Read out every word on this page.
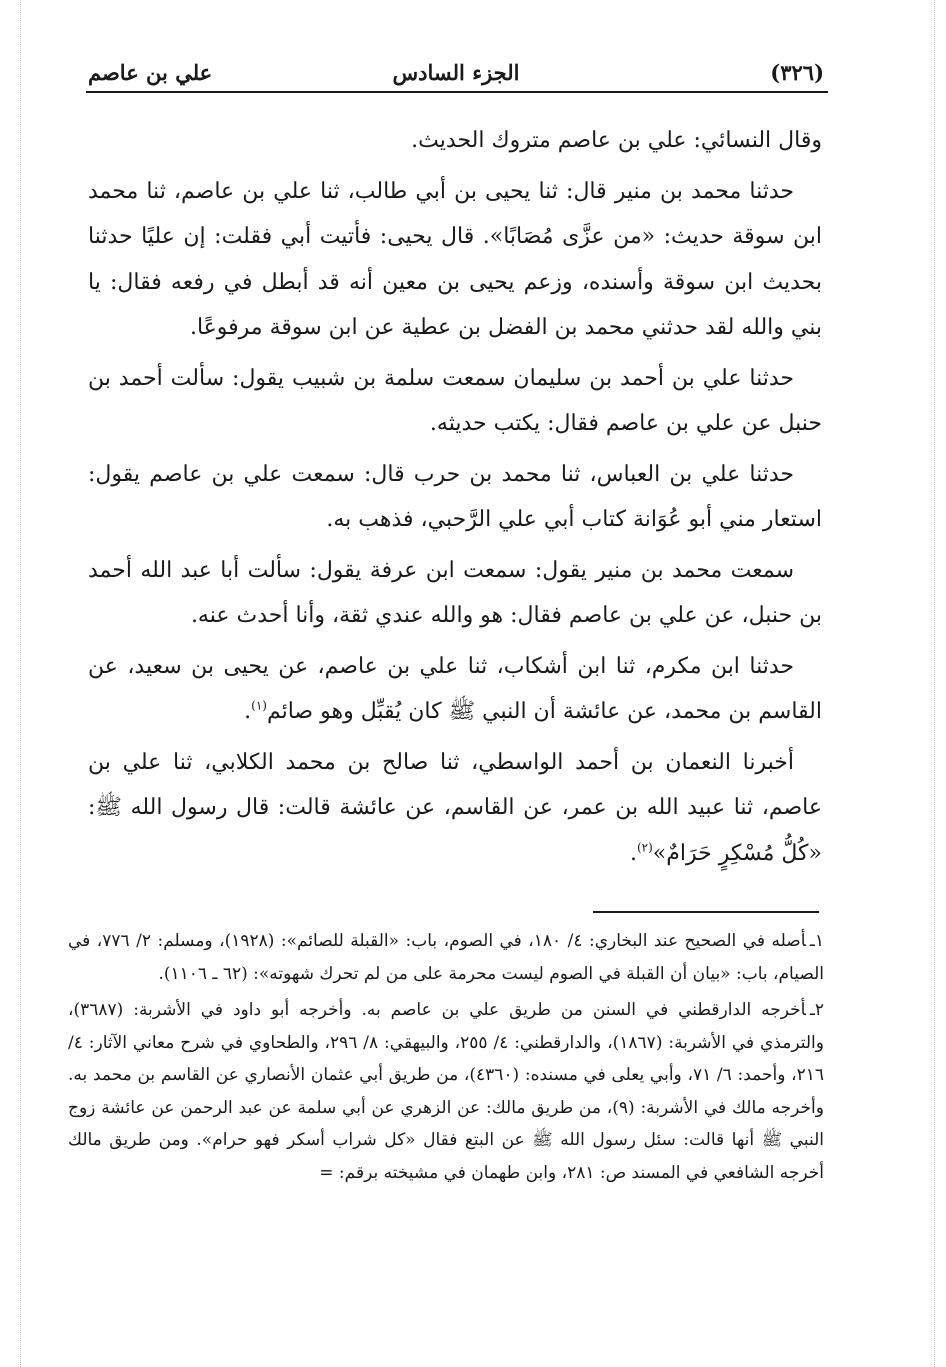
(٣٢٦)
الجزء السادس
علي بن عاصم

وقال النسائي: علي بن عاصم متروك الحديث.

حدثنا محمد بن منير قال: ثنا يحيى بن أبي طالب، ثنا علي بن عاصم، ثنا محمد ابن سوقة حديث: «من عزَّى مُصَابًا». قال يحيى: فأتيت أبي فقلت: إن عليًا حدثنا بحديث ابن سوقة وأسنده، وزعم يحيى بن معين أنه قد أبطل في رفعه فقال: يا بني والله لقد حدثني محمد بن الفضل بن عطية عن ابن سوقة مرفوعًا.

حدثنا علي بن أحمد بن سليمان سمعت سلمة بن شبيب يقول: سألت أحمد بن حنبل عن علي بن عاصم فقال: يكتب حديثه.

حدثنا علي بن العباس، ثنا محمد بن حرب قال: سمعت علي بن عاصم يقول: استعار مني أبو عُوَانة كتاب أبي علي الرَّحبي، فذهب به.

سمعت محمد بن منير يقول: سمعت ابن عرفة يقول: سألت أبا عبد الله أحمد بن حنبل، عن علي بن عاصم فقال: هو والله عندي ثقة، وأنا أحدث عنه.

حدثنا ابن مكرم، ثنا ابن أشكاب، ثنا علي بن عاصم، عن يحيى بن سعيد، عن القاسم بن محمد، عن عائشة أن النبي ﷺ كان يُقبِّل وهو صائم$^{(١)}$.

أخبرنا النعمان بن أحمد الواسطي، ثنا صالح بن محمد الكلابي، ثنا علي بن عاصم، ثنا عبيد الله بن عمر، عن القاسم، عن عائشة قالت: قال رسول الله ﷺ: «كُلُّ مُسْكِرٍ حَرَامٌ»$^{(٢)}$.

١ـأصله في الصحيح عند البخاري: ٤/ ١٨٠، في الصوم، باب: «القبلة للصائم»: (١٩٢٨)، ومسلم: ٢/ ٧٧٦، في الصيام، باب: «بيان أن القبلة في الصوم ليست محرمة على من لم تحرك شهوته»: (٦٢ ـ ١١٠٦).

٢ـأخرجه الدارقطني في السنن من طريق علي بن عاصم به. وأخرجه أبو داود في الأشربة: (٣٦٨٧)، والترمذي في الأشربة: (١٨٦٧)، والدارقطني: ٤/ ٢٥٥، والبيهقي: ٨/ ٢٩٦، والطحاوي في شرح معاني الآثار: ٤/ ٢١٦، وأحمد: ٦/ ٧١، وأبي يعلى في مسنده: (٤٣٦٠)، من طريق أبي عثمان الأنصاري عن القاسم بن محمد به. وأخرجه مالك في الأشربة: (٩)، من طريق مالك: عن الزهري عن أبي سلمة عن عبد الرحمن عن عائشة زوج النبي ﷺ أنها قالت: سئل رسول الله ﷺ عن البتع فقال «كل شراب أسكر فهو حرام». ومن طريق مالك أخرجه الشافعي في المسند ص: ٢٨١، وابن طهمان في مشيخته برقم: =
